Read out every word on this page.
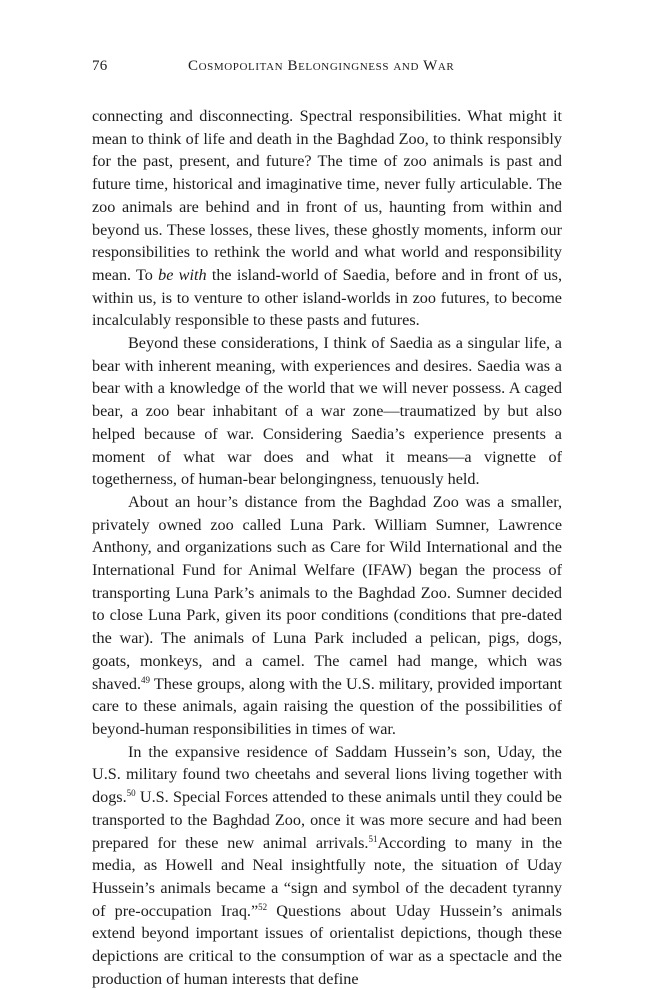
76	Cosmopolitan Belongingness and War

connecting and disconnecting. Spectral responsibilities. What might it mean to think of life and death in the Baghdad Zoo, to think responsibly for the past, present, and future? The time of zoo animals is past and future time, historical and imaginative time, never fully articulable. The zoo animals are behind and in front of us, haunting from within and beyond us. These losses, these lives, these ghostly moments, inform our responsibilities to rethink the world and what world and responsibility mean. To be with the island-world of Saedia, before and in front of us, within us, is to venture to other island-worlds in zoo futures, to become incalculably responsible to these pasts and futures.

Beyond these considerations, I think of Saedia as a singular life, a bear with inherent meaning, with experiences and desires. Saedia was a bear with a knowledge of the world that we will never possess. A caged bear, a zoo bear inhabitant of a war zone—traumatized by but also helped because of war. Considering Saedia’s experience presents a moment of what war does and what it means—a vignette of togetherness, of human-bear belongingness, tenuously held.

About an hour’s distance from the Baghdad Zoo was a smaller, privately owned zoo called Luna Park. William Sumner, Lawrence Anthony, and organizations such as Care for Wild International and the International Fund for Animal Welfare (IFAW) began the process of transporting Luna Park’s animals to the Baghdad Zoo. Sumner decided to close Luna Park, given its poor conditions (conditions that pre-dated the war). The animals of Luna Park included a pelican, pigs, dogs, goats, monkeys, and a camel. The camel had mange, which was shaved.$^{49}$ These groups, along with the U.S. military, provided important care to these animals, again raising the question of the possibilities of beyond-human responsibilities in times of war.

In the expansive residence of Saddam Hussein’s son, Uday, the U.S. military found two cheetahs and several lions living together with dogs.$^{50}$ U.S. Special Forces attended to these animals until they could be transported to the Baghdad Zoo, once it was more secure and had been prepared for these new animal arrivals.$^{51}$According to many in the media, as Howell and Neal insightfully note, the situation of Uday Hussein’s animals became a “sign and symbol of the decadent tyranny of pre-occupation Iraq.”$^{52}$ Questions about Uday Hussein’s animals extend beyond important issues of orientalist depictions, though these depictions are critical to the consumption of war as a spectacle and the production of human interests that define
